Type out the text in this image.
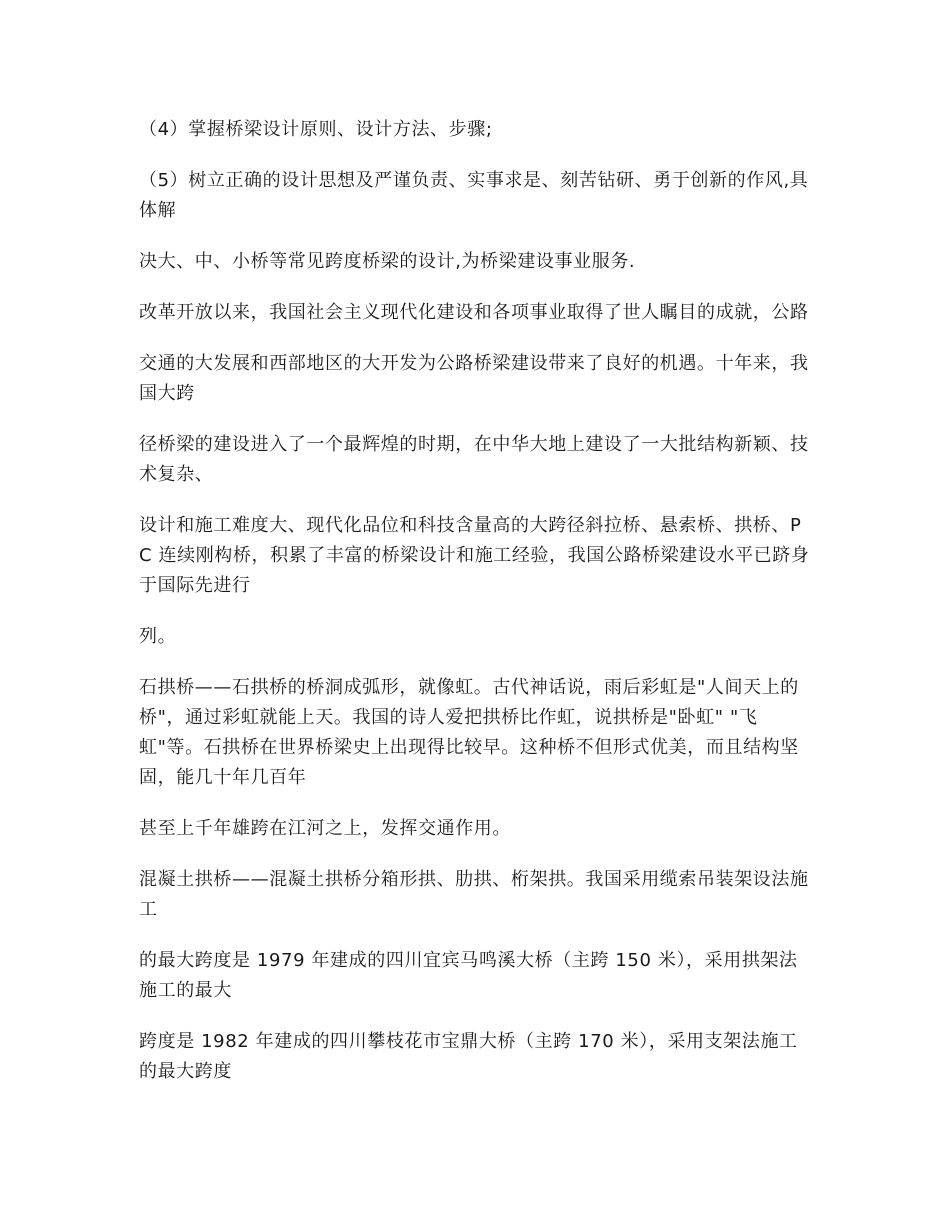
（4）掌握桥梁设计原则、设计方法、步骤;

（5）树立正确的设计思想及严谨负责、实事求是、刻苦钻研、勇于创新的作风,具体解

决大、中、小桥等常见跨度桥梁的设计,为桥梁建设事业服务.

改革开放以来，我国社会主义现代化建设和各项事业取得了世人瞩目的成就，公路

交通的大发展和西部地区的大开发为公路桥梁建设带来了良好的机遇。十年来，我国大跨

径桥梁的建设进入了一个最辉煌的时期，在中华大地上建设了一大批结构新颖、技术复杂、

设计和施工难度大、现代化品位和科技含量高的大跨径斜拉桥、悬索桥、拱桥、PC 连续刚构桥，积累了丰富的桥梁设计和施工经验，我国公路桥梁建设水平已跻身于国际先进行

列。

石拱桥——石拱桥的桥洞成弧形，就像虹。古代神话说，雨后彩虹是"人间天上的 桥"，通过彩虹就能上天。我国的诗人爱把拱桥比作虹，说拱桥是"卧虹" "飞虹"等。石拱桥在世界桥梁史上出现得比较早。这种桥不但形式优美，而且结构坚 固，能几十年几百年

甚至上千年雄跨在江河之上，发挥交通作用。

混凝土拱桥——混凝土拱桥分箱形拱、肋拱、桁架拱。我国采用缆索吊装架设法施工

的最大跨度是 1979 年建成的四川宜宾马鸣溪大桥（主跨 150 米），采用拱架法施工的最大

跨度是 1982 年建成的四川攀枝花市宝鼎大桥（主跨 170 米），采用支架法施工的最大跨度
